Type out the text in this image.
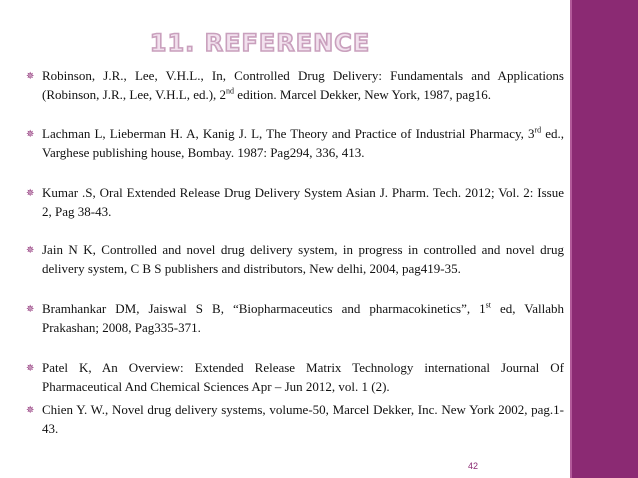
11. REFERENCE
✵ Robinson, J.R., Lee, V.H.L., In, Controlled Drug Delivery: Fundamentals and Applications (Robinson, J.R., Lee, V.H.L, ed.), 2nd edition. Marcel Dekker, New York, 1987, pag16.

✵ Lachman L, Lieberman H. A, Kanig J. L, The Theory and Practice of Industrial Pharmacy, 3rd ed., Varghese publishing house, Bombay. 1987: Pag294, 336, 413.

✵ Kumar .S, Oral Extended Release Drug Delivery System Asian J. Pharm. Tech. 2012; Vol. 2: Issue 2, Pag 38-43.

✵ Jain N K, Controlled and novel drug delivery system, in progress in controlled and novel drug delivery system, C B S publishers and distributors, New delhi, 2004, pag419-35.

✵ Bramhankar DM, Jaiswal S B, “Biopharmaceutics and pharmacokinetics”, 1st ed, Vallabh Prakashan; 2008, Pag335-371.

✵ Patel K, An Overview: Extended Release Matrix Technology international Journal Of Pharmaceutical And Chemical Sciences Apr – Jun 2012, vol. 1 (2).

✵ Chien Y. W., Novel drug delivery systems, volume-50, Marcel Dekker, Inc. New York 2002, pag.1-43.

42
